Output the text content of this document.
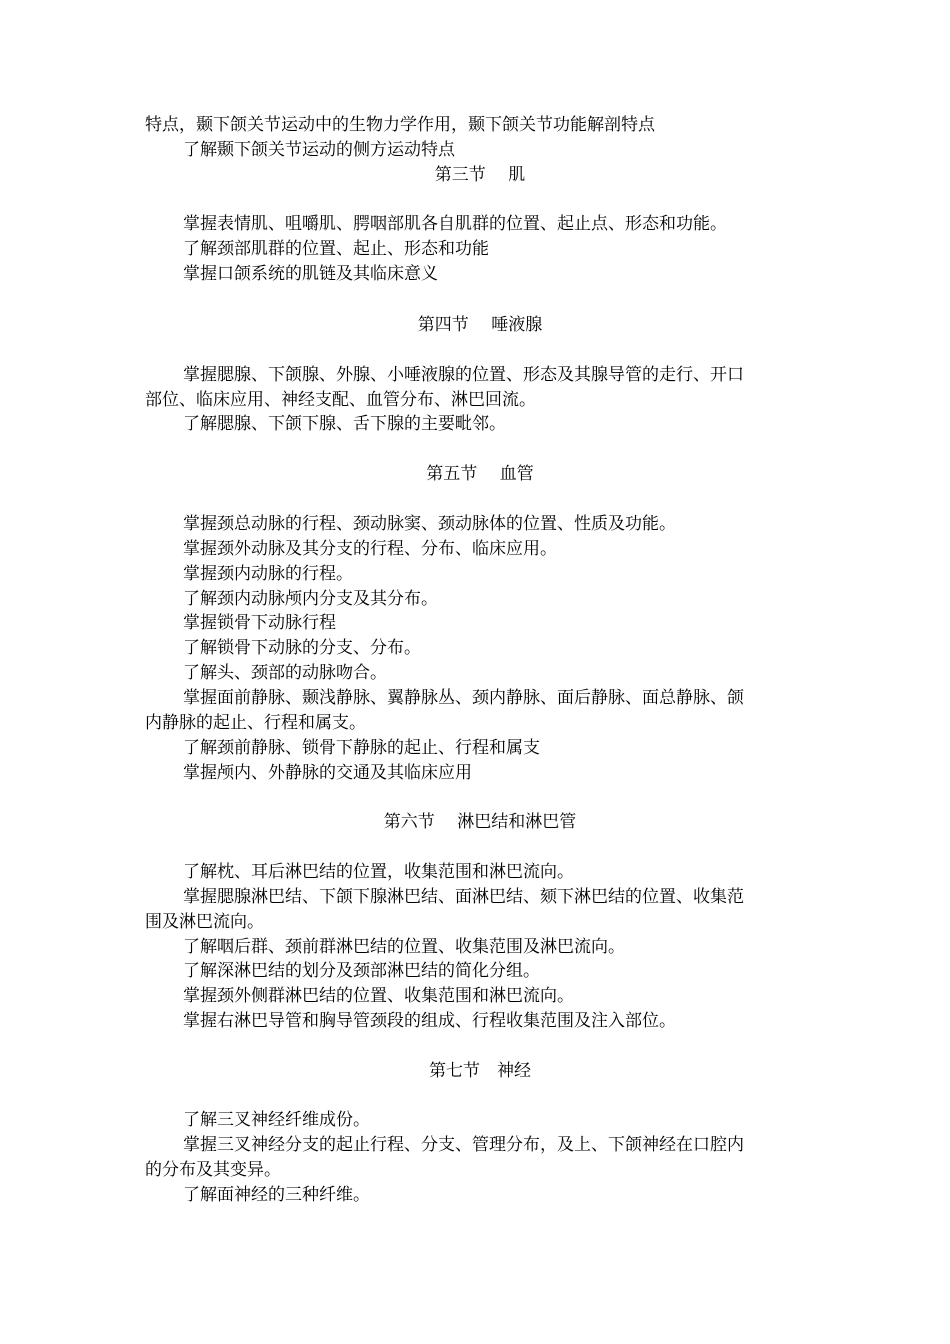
特点，颞下颌关节运动中的生物力学作用，颞下颌关节功能解剖特点
了解颞下颌关节运动的侧方运动特点
第三节　 肌
掌握表情肌、咀嚼肌、腭咽部肌各自肌群的位置、起止点、形态和功能。
了解颈部肌群的位置、起止、形态和功能
掌握口颌系统的肌链及其临床意义
第四节　 唾液腺
掌握腮腺、下颌腺、外腺、小唾液腺的位置、形态及其腺导管的走行、开口
部位、临床应用、神经支配、血管分布、淋巴回流。
了解腮腺、下颌下腺、舌下腺的主要毗邻。
第五节　 血管
掌握颈总动脉的行程、颈动脉窦、颈动脉体的位置、性质及功能。
掌握颈外动脉及其分支的行程、分布、临床应用。
掌握颈内动脉的行程。
了解颈内动脉颅内分支及其分布。
掌握锁骨下动脉行程
了解锁骨下动脉的分支、分布。
了解头、颈部的动脉吻合。
掌握面前静脉、颞浅静脉、翼静脉丛、颈内静脉、面后静脉、面总静脉、颌
内静脉的起止、行程和属支。
了解颈前静脉、锁骨下静脉的起止、行程和属支
掌握颅内、外静脉的交通及其临床应用
第六节　 淋巴结和淋巴管
了解枕、耳后淋巴结的位置，收集范围和淋巴流向。
掌握腮腺淋巴结、下颌下腺淋巴结、面淋巴结、颏下淋巴结的位置、收集范
围及淋巴流向。
了解咽后群、颈前群淋巴结的位置、收集范围及淋巴流向。
了解深淋巴结的划分及颈部淋巴结的简化分组。
掌握颈外侧群淋巴结的位置、收集范围和淋巴流向。
掌握右淋巴导管和胸导管颈段的组成、行程收集范围及注入部位。
第七节　神经
了解三叉神经纤维成份。
掌握三叉神经分支的起止行程、分支、管理分布，及上、下颌神经在口腔内
的分布及其变异。
了解面神经的三种纤维。
